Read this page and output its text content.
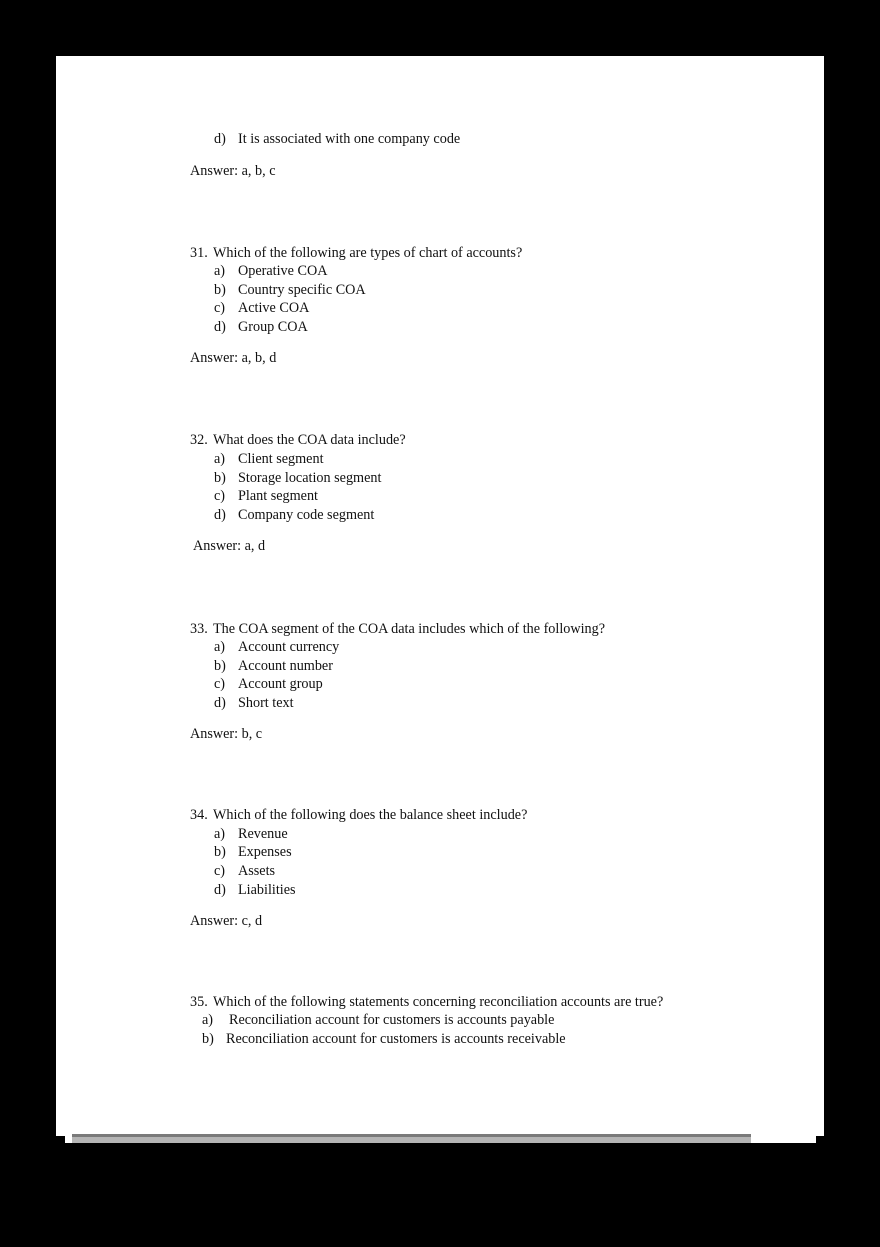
d) It is associated with one company code
Answer: a, b, c
31. Which of the following are types of chart of accounts?
a) Operative COA
b) Country specific COA
c) Active COA
d) Group COA
Answer: a, b, d
32. What does the COA data include?
a) Client segment
b) Storage location segment
c) Plant segment
d) Company code segment
Answer: a, d
33. The COA segment of the COA data includes which of the following?
a) Account currency
b) Account number
c) Account group
d) Short text
Answer: b, c
34. Which of the following does the balance sheet include?
a) Revenue
b) Expenses
c) Assets
d) Liabilities
Answer: c, d
35. Which of the following statements concerning reconciliation accounts are true?
a) Reconciliation account for customers is accounts payable
b) Reconciliation account for customers is accounts receivable
